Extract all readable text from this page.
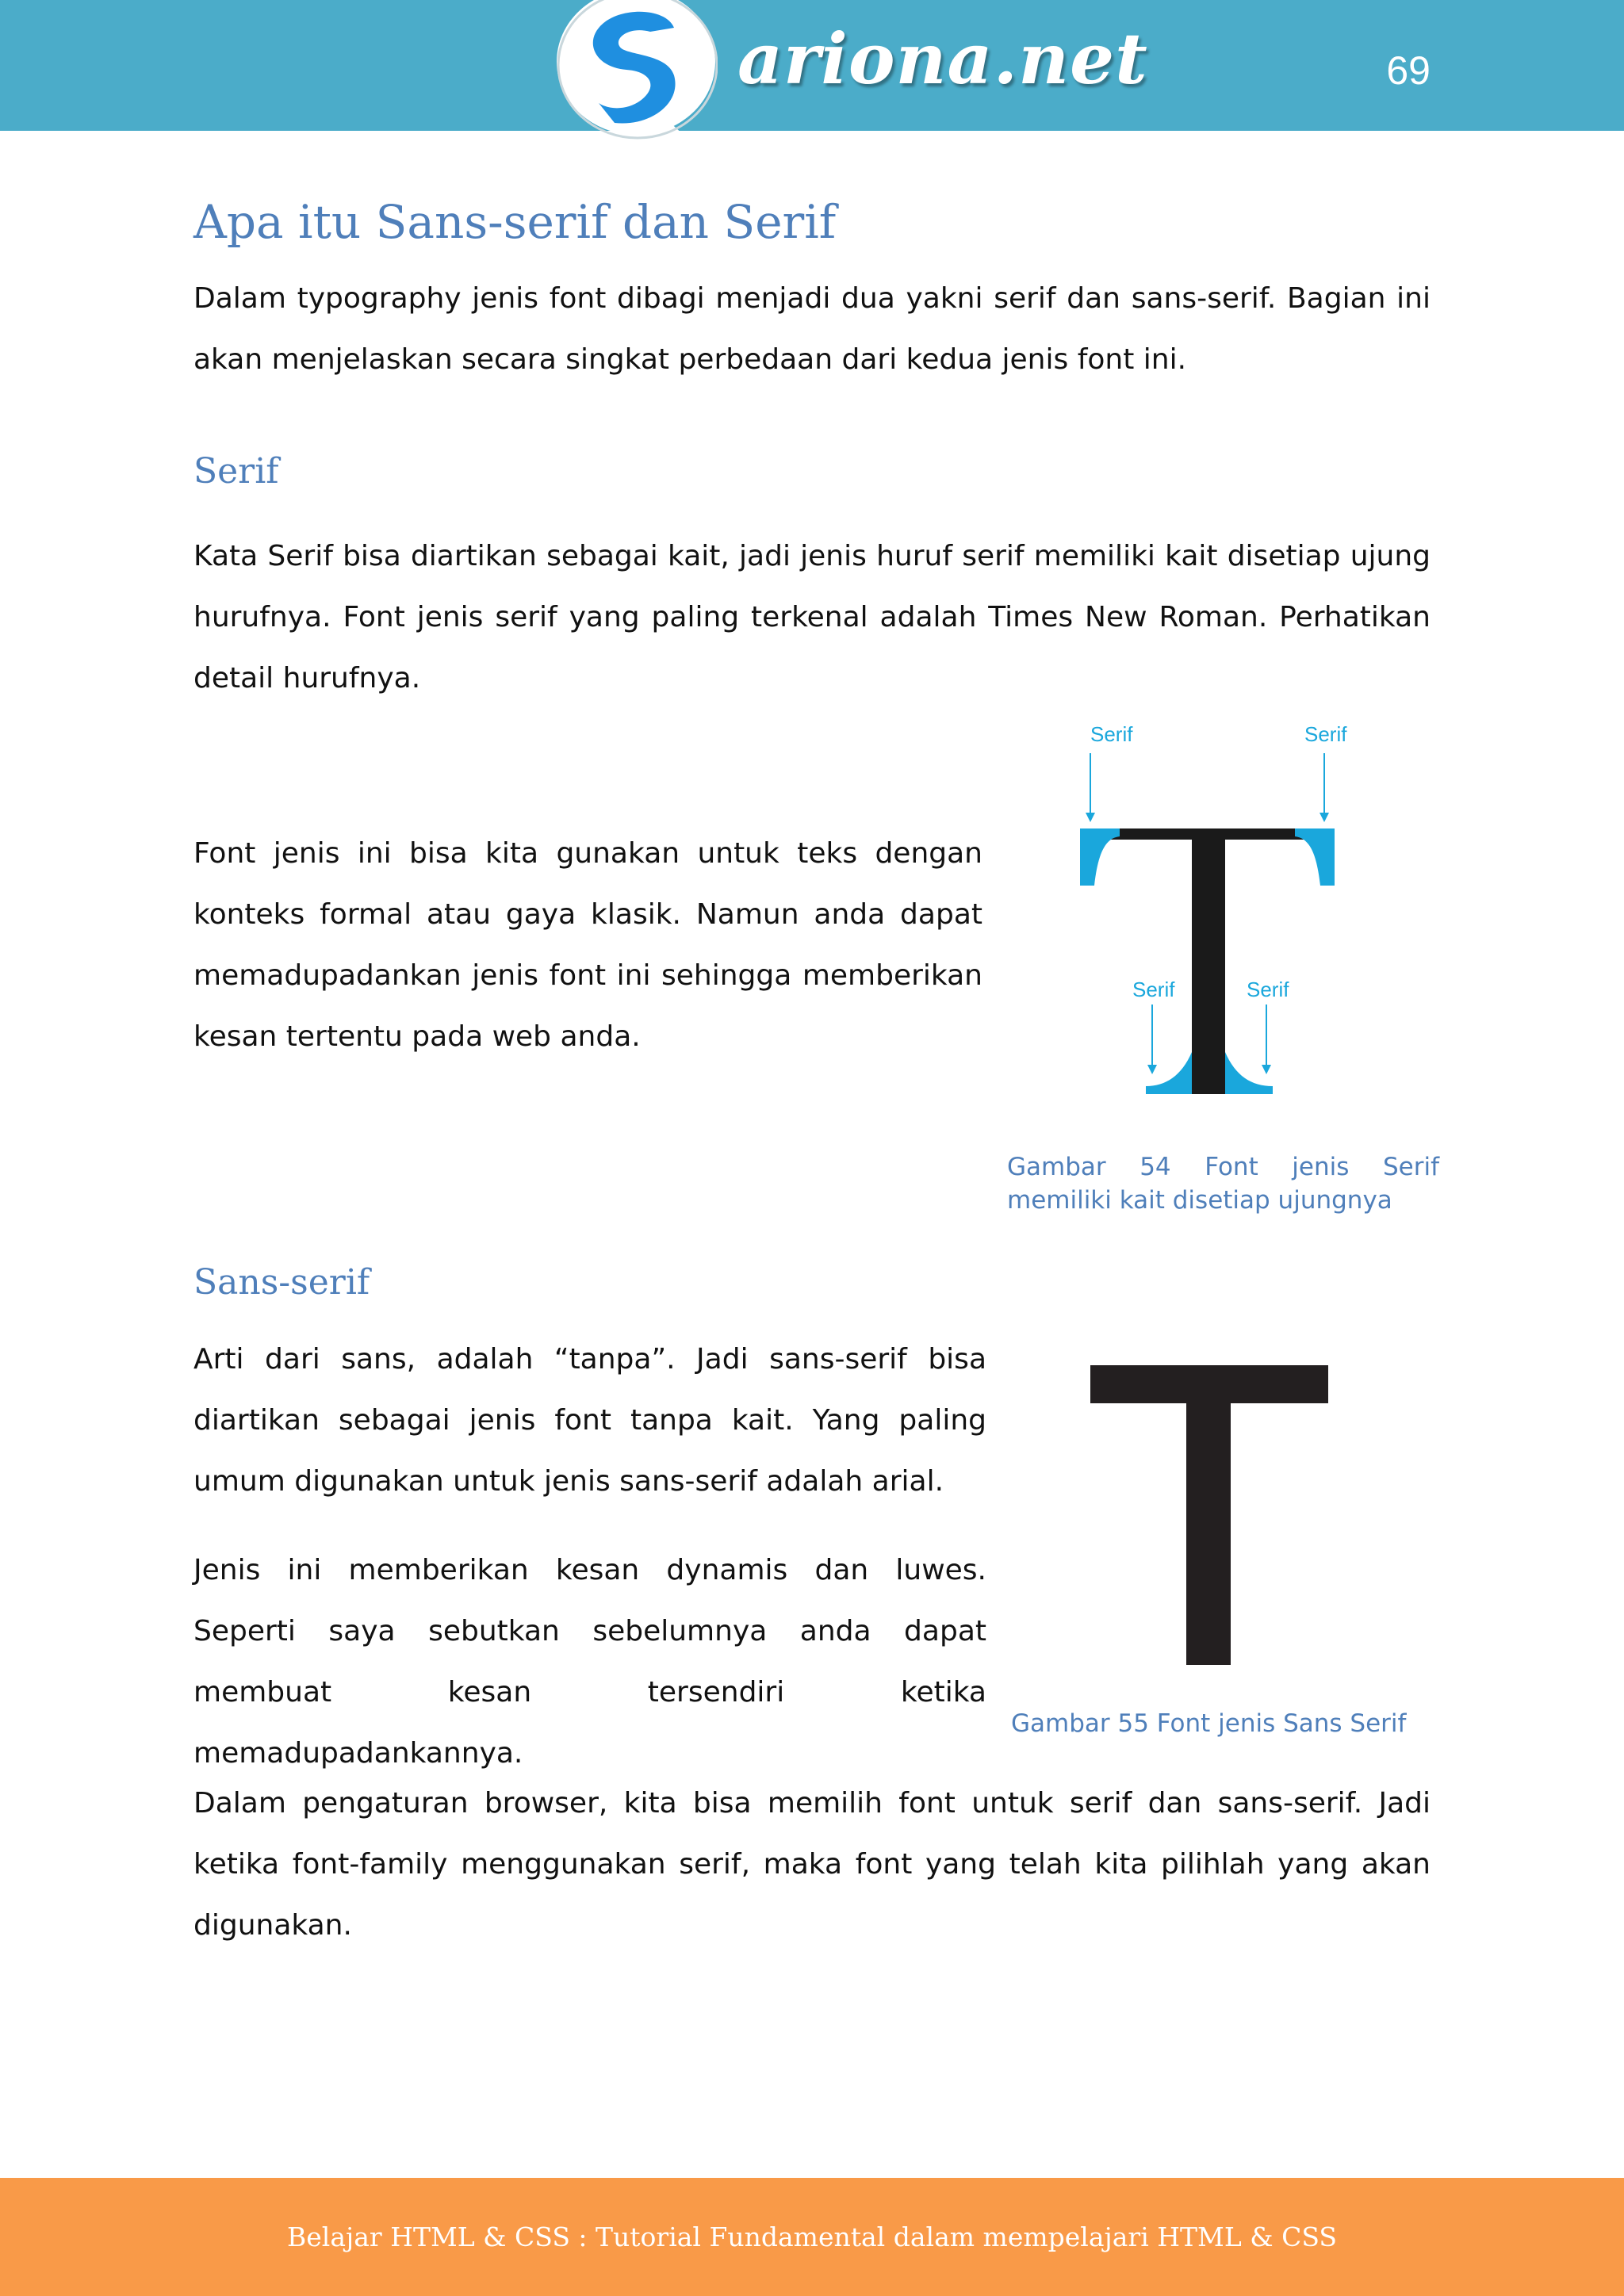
ariona.net	69
Apa itu Sans-serif dan Serif

Dalam typography jenis font dibagi menjadi dua yakni serif dan sans-serif. Bagian ini akan menjelaskan secara singkat perbedaan dari kedua jenis font ini.

Serif

Kata Serif bisa diartikan sebagai kait, jadi jenis huruf serif memiliki kait disetiap ujung hurufnya. Font jenis serif yang paling terkenal adalah Times New Roman. Perhatikan detail hurufnya.

Font jenis ini bisa kita gunakan untuk teks dengan konteks formal atau gaya klasik. Namun anda dapat memadupadankan jenis font ini sehingga memberikan kesan tertentu pada web anda.

Serif	Serif
Serif	Serif
Gambar 54 Font jenis Serif memiliki kait disetiap ujungnya
Sans-serif

Arti dari sans, adalah “tanpa”. Jadi sans-serif bisa diartikan sebagai jenis font tanpa kait. Yang paling umum digunakan untuk jenis sans-serif adalah arial.

Jenis ini memberikan kesan dynamis dan luwes. Seperti saya sebutkan sebelumnya anda dapat membuat kesan tersendiri ketika memadupadankannya.

Gambar 55 Font jenis Sans Serif

Dalam pengaturan browser, kita bisa memilih font untuk serif dan sans-serif. Jadi ketika font-family menggunakan serif, maka font yang telah kita pilihlah yang akan digunakan.

Belajar HTML & CSS : Tutorial Fundamental dalam mempelajari HTML & CSS
